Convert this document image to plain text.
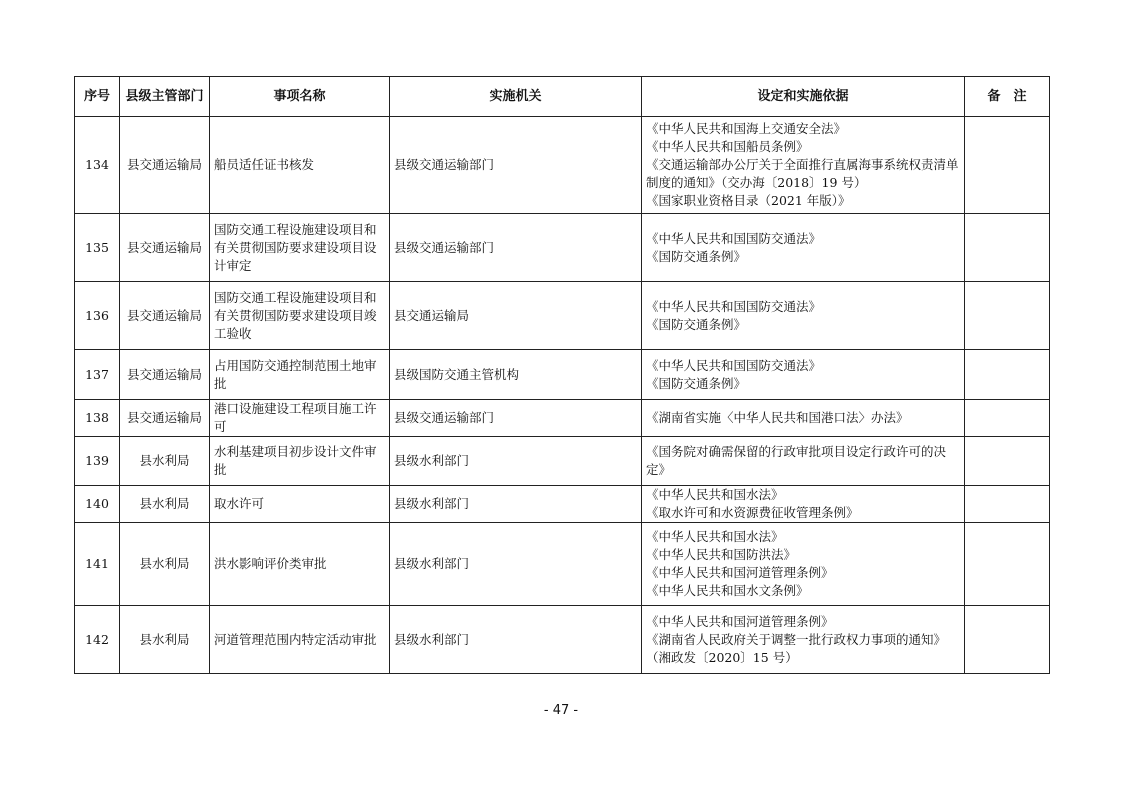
序号	县级主管部门	事项名称	实施机关	设定和实施依据	备　注
134	县交通运输局	船员适任证书核发	县级交通运输部门	《中华人民共和国海上交通安全法》
《中华人民共和国船员条例》
《交通运输部办公厅关于全面推行直属海事系统权责清单制度的通知》（交办海〔2018〕19 号）
《国家职业资格目录（2021 年版）》	

135	县交通运输局	国防交通工程设施建设项目和有关贯彻国防要求建设项目设计审定	县级交通运输部门	《中华人民共和国国防交通法》
《国防交通条例》	

136	县交通运输局	国防交通工程设施建设项目和有关贯彻国防要求建设项目竣工验收	县交通运输局	《中华人民共和国国防交通法》
《国防交通条例》	

137	县交通运输局	占用国防交通控制范围土地审批	县级国防交通主管机构	《中华人民共和国国防交通法》
《国防交通条例》	

138	县交通运输局	港口设施建设工程项目施工许可	县级交通运输部门	《湖南省实施〈中华人民共和国港口法〉办法》	

139	县水利局	水利基建项目初步设计文件审批	县级水利部门	《国务院对确需保留的行政审批项目设定行政许可的决定》	

140	县水利局	取水许可	县级水利部门	《中华人民共和国水法》
《取水许可和水资源费征收管理条例》	

141	县水利局	洪水影响评价类审批	县级水利部门	《中华人民共和国水法》
《中华人民共和国防洪法》
《中华人民共和国河道管理条例》
《中华人民共和国水文条例》	

142	县水利局	河道管理范围内特定活动审批	县级水利部门	《中华人民共和国河道管理条例》
《湖南省人民政府关于调整一批行政权力事项的通知》（湘政发〔2020〕15 号）	

- 47 -
